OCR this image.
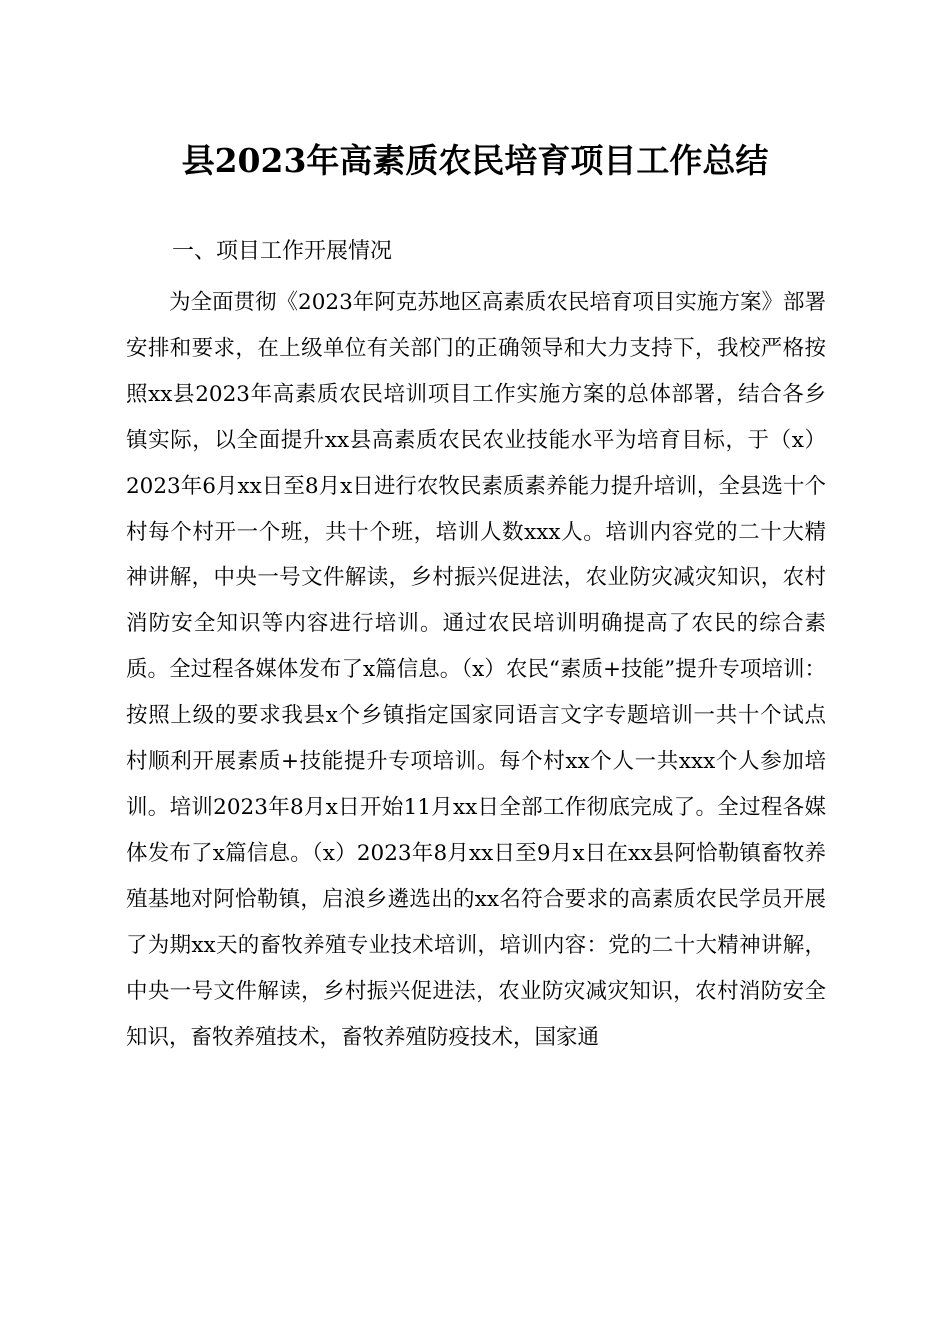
县2023年高素质农民培育项目工作总结
一、项目工作开展情况

为全面贯彻《2023年阿克苏地区高素质农民培育项目实施方案》部署安排和要求，在上级单位有关部门的正确领导和大力支持下，我校严格按照xx县2023年高素质农民培训项目工作实施方案的总体部署，结合各乡镇实际，以全面提升xx县高素质农民农业技能水平为培育目标，于（x）2023年6月xx日至8月x日进行农牧民素质素养能力提升培训，全县选十个村每个村开一个班，共十个班，培训人数xxx人。培训内容党的二十大精神讲解，中央一号文件解读，乡村振兴促进法，农业防灾减灾知识，农村消防安全知识等内容进行培训。通过农民培训明确提高了农民的综合素质。全过程各媒体发布了x篇信息。（x）农民“素质+技能”提升专项培训：按照上级的要求我县x个乡镇指定国家同语言文字专题培训一共十个试点村顺利开展素质+技能提升专项培训。每个村xx个人一共xxx个人参加培训。培训2023年8月x日开始11月xx日全部工作彻底完成了。全过程各媒体发布了x篇信息。（x）2023年8月xx日至9月x日在xx县阿恰勒镇畜牧养殖基地对阿恰勒镇，启浪乡遴选出的xx名符合要求的高素质农民学员开展了为期xx天的畜牧养殖专业技术培训，培训内容：党的二十大精神讲解，中央一号文件解读，乡村振兴促进法，农业防灾减灾知识，农村消防安全知识，畜牧养殖技术，畜牧养殖防疫技术，国家通
